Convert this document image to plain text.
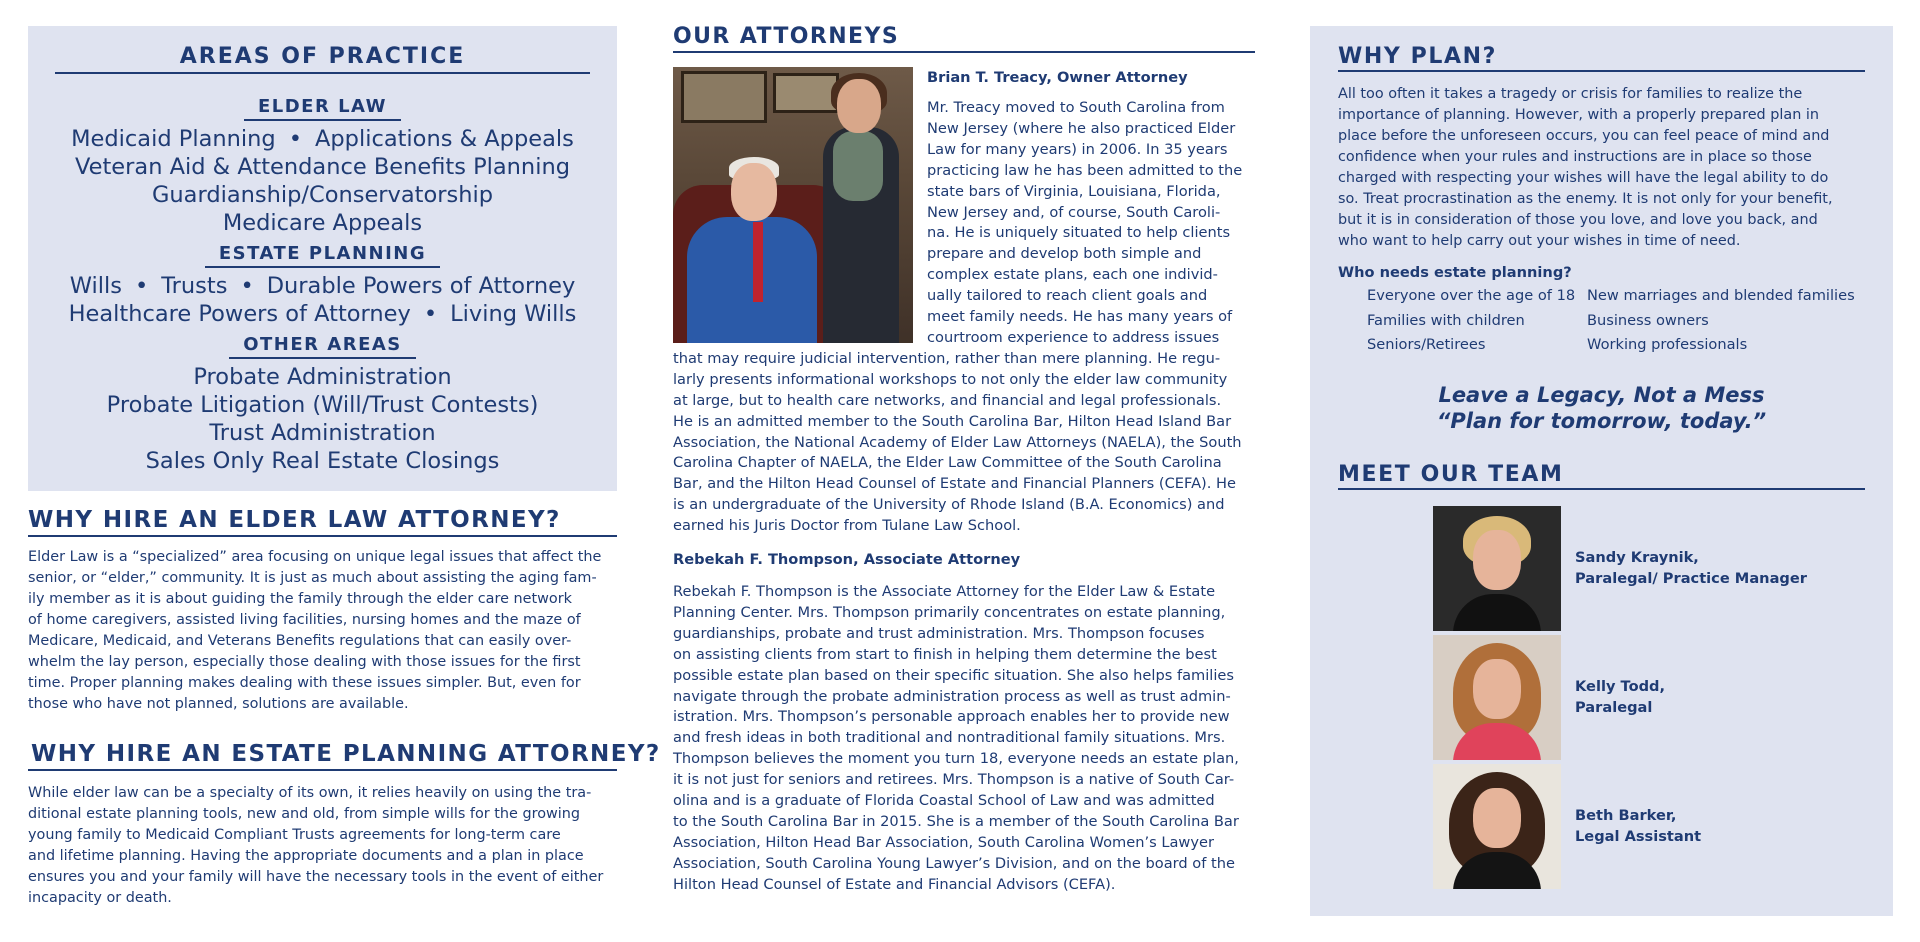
AREAS OF PRACTICE
ELDER LAW
Medicaid Planning • Applications & Appeals
Veteran Aid & Attendance Benefits Planning
Guardianship/Conservatorship
Medicare Appeals
ESTATE PLANNING
Wills • Trusts • Durable Powers of Attorney
Healthcare Powers of Attorney • Living Wills
OTHER AREAS
Probate Administration
Probate Litigation (Will/Trust Contests)
Trust Administration
Sales Only Real Estate Closings
WHY HIRE AN ELDER LAW ATTORNEY?
Elder Law is a “specialized” area focusing on unique legal issues that affect the
senior, or “elder,” community. It is just as much about assisting the aging fam-
ily member as it is about guiding the family through the elder care network
of home caregivers, assisted living facilities, nursing homes and the maze of
Medicare, Medicaid, and Veterans Benefits regulations that can easily over-
whelm the lay person, especially those dealing with those issues for the first
time. Proper planning makes dealing with these issues simpler. But, even for
those who have not planned, solutions are available.
WHY HIRE AN ESTATE PLANNING ATTORNEY?
While elder law can be a specialty of its own, it relies heavily on using the tra-
ditional estate planning tools, new and old, from simple wills for the growing
young family to Medicaid Compliant Trusts agreements for long-term care
and lifetime planning. Having the appropriate documents and a plan in place
ensures you and your family will have the necessary tools in the event of either
incapacity or death.
OUR ATTORNEYS
Brian T. Treacy, Owner Attorney
Mr. Treacy moved to South Carolina from
New Jersey (where he also practiced Elder
Law for many years) in 2006. In 35 years
practicing law he has been admitted to the
state bars of Virginia, Louisiana, Florida,
New Jersey and, of course, South Caroli-
na. He is uniquely situated to help clients
prepare and develop both simple and
complex estate plans, each one individ-
ually tailored to reach client goals and
meet family needs. He has many years of
courtroom experience to address issues
that may require judicial intervention, rather than mere planning. He regu-
larly presents informational workshops to not only the elder law community
at large, but to health care networks, and financial and legal professionals.
He is an admitted member to the South Carolina Bar, Hilton Head Island Bar
Association, the National Academy of Elder Law Attorneys (NAELA), the South
Carolina Chapter of NAELA, the Elder Law Committee of the South Carolina
Bar, and the Hilton Head Counsel of Estate and Financial Planners (CEFA). He
is an undergraduate of the University of Rhode Island (B.A. Economics) and
earned his Juris Doctor from Tulane Law School.
Rebekah F. Thompson, Associate Attorney
Rebekah F. Thompson is the Associate Attorney for the Elder Law & Estate
Planning Center. Mrs. Thompson primarily concentrates on estate planning,
guardianships, probate and trust administration. Mrs. Thompson focuses
on assisting clients from start to finish in helping them determine the best
possible estate plan based on their specific situation. She also helps families
navigate through the probate administration process as well as trust admin-
istration. Mrs. Thompson’s personable approach enables her to provide new
and fresh ideas in both traditional and nontraditional family situations. Mrs.
Thompson believes the moment you turn 18, everyone needs an estate plan,
it is not just for seniors and retirees. Mrs. Thompson is a native of South Car-
olina and is a graduate of Florida Coastal School of Law and was admitted
to the South Carolina Bar in 2015. She is a member of the South Carolina Bar
Association, Hilton Head Bar Association, South Carolina Women’s Lawyer
Association, South Carolina Young Lawyer’s Division, and on the board of the
Hilton Head Counsel of Estate and Financial Advisors (CEFA).
WHY PLAN?
All too often it takes a tragedy or crisis for families to realize the
importance of planning. However, with a properly prepared plan in
place before the unforeseen occurs, you can feel peace of mind and
confidence when your rules and instructions are in place so those
charged with respecting your wishes will have the legal ability to do
so. Treat procrastination as the enemy. It is not only for your benefit,
but it is in consideration of those you love, and love you back, and
who want to help carry out your wishes in time of need.
Who needs estate planning?
Everyone over the age of 18 New marriages and blended families
Families with children	Business owners
Seniors/Retirees	Working professionals
Leave a Legacy, Not a Mess
“Plan for tomorrow, today.”
MEET OUR TEAM
Sandy Kraynik,
Paralegal/ Practice Manager
Kelly Todd,
Paralegal
Beth Barker,
Legal Assistant
